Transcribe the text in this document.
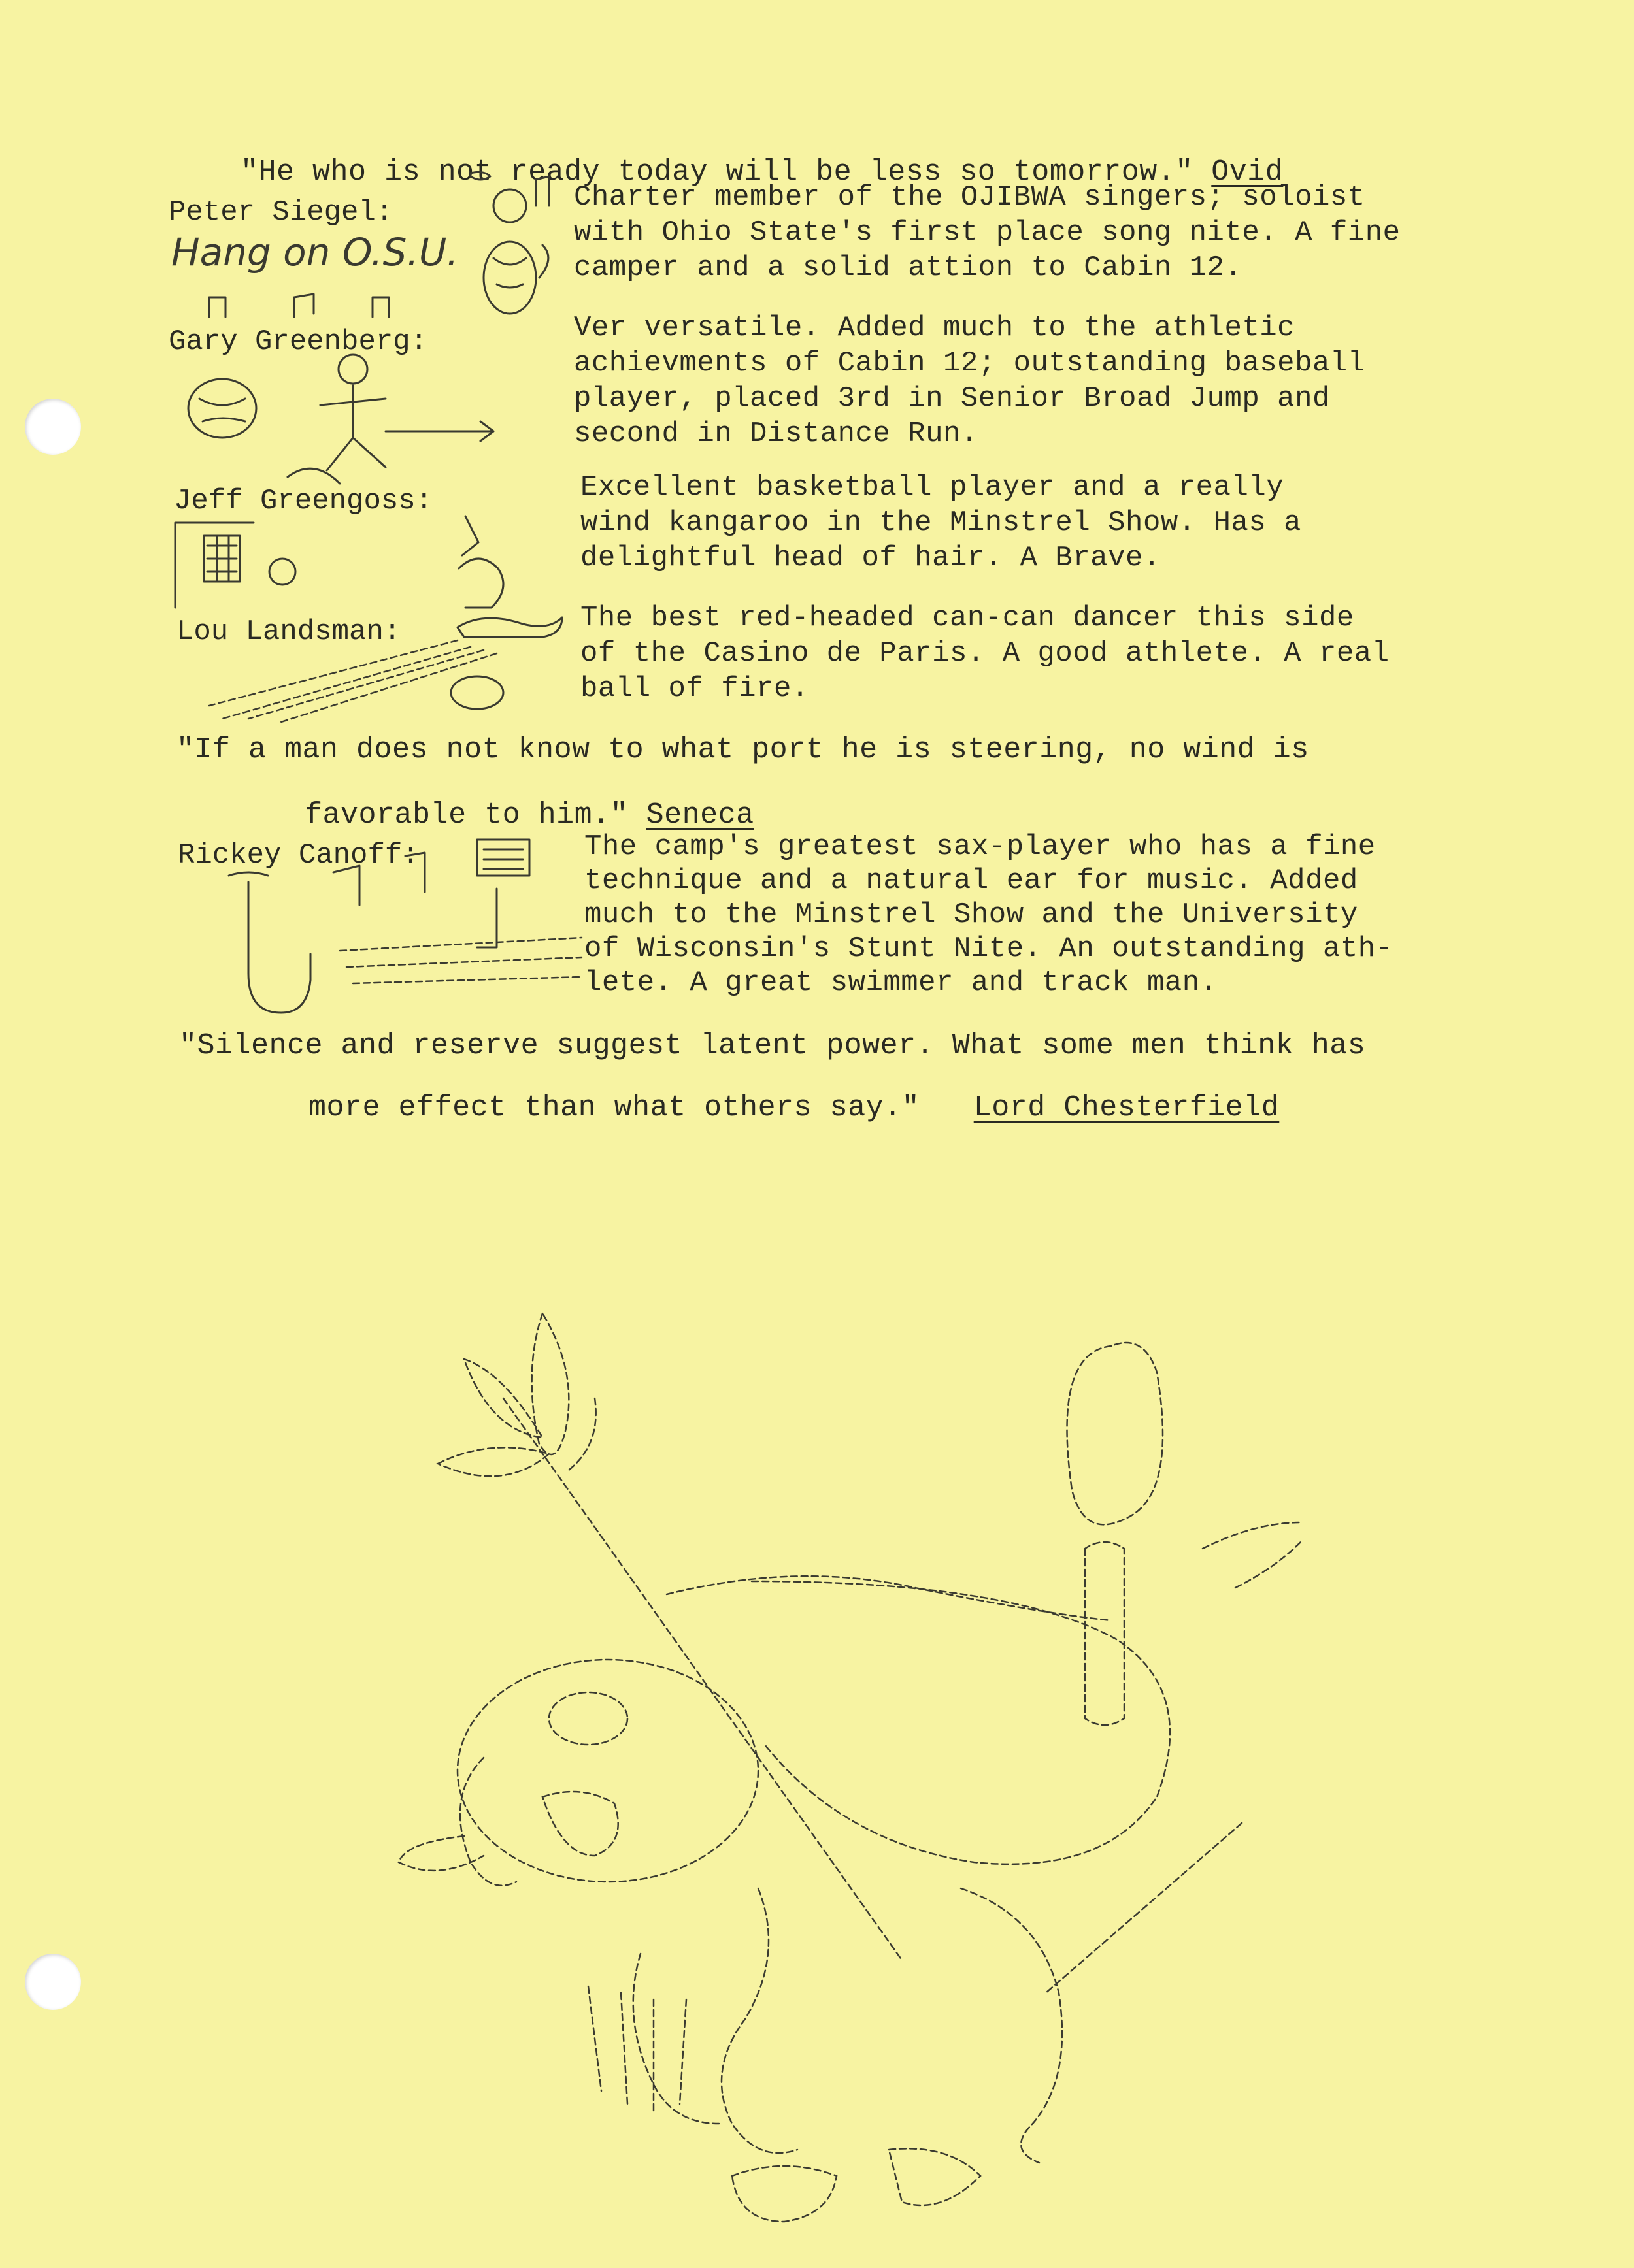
"He who is not ready today will be less so tomorrow." Ovid

Peter Siegel:	Charter member of the OJIBWA singers; soloist
with Ohio State's first place song nite. A fine
camper and a solid attion to Cabin 12.
Hang on O.S.U.
Gary Greenberg:	Ver versatile. Added much to the athletic
achievments of Cabin 12; outstanding baseball
player, placed 3rd in Senior Broad Jump and
second in Distance Run.
Jeff Greengoss:	Excellent basketball player and a really
wind kangaroo in the Minstrel Show. Has a
delightful head of hair. A Brave.
Lou Landsman:	The best red-headed can-can dancer this side
of the Casino de Paris. A good athlete. A real
ball of fire.
"If a man does not know to what port he is steering, no wind is

favorable to him." Seneca

Rickey Canoff:	The camp's greatest sax-player who has a fine
technique and a natural ear for music. Added
much to the Minstrel Show and the University
of Wisconsin's Stunt Nite. An outstanding ath-
lete. A great swimmer and track man.
"Silence and reserve suggest latent power. What some men think has

more effect than what others say." Lord Chesterfield
